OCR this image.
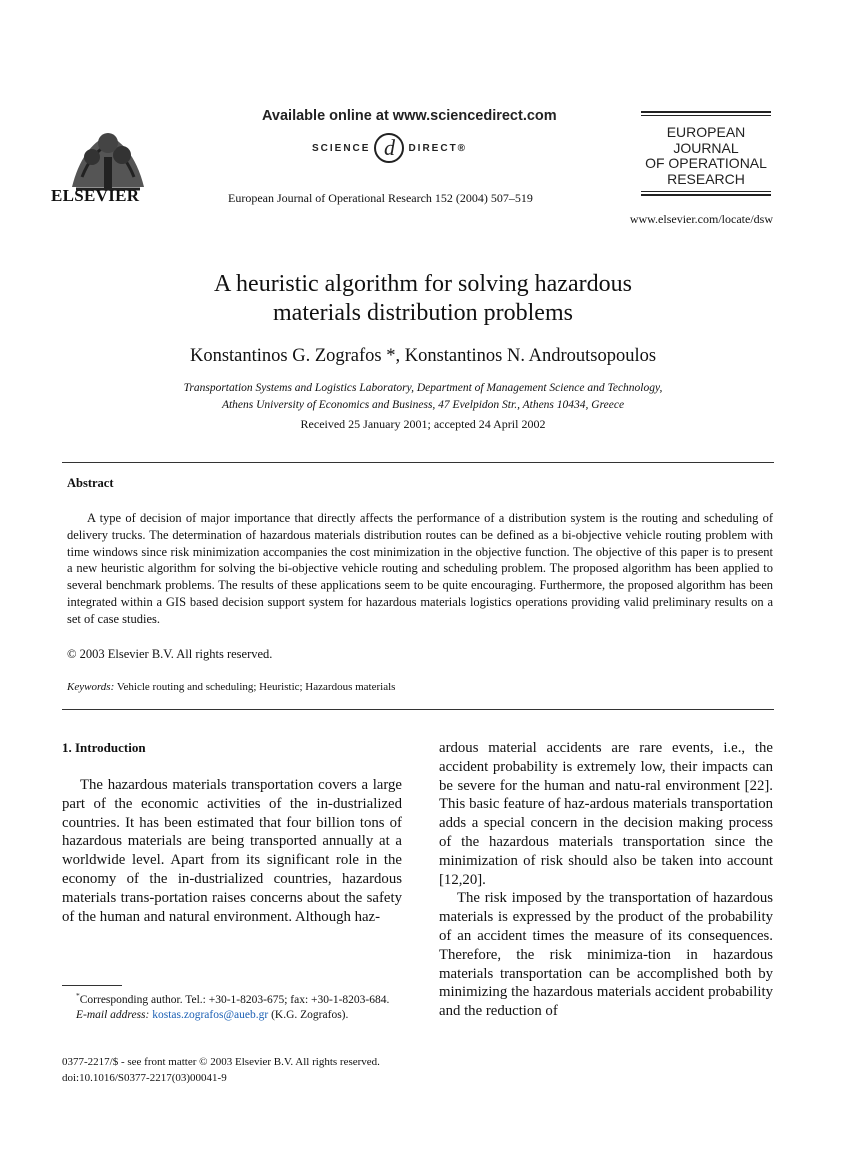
ELSEVIER
Available online at www.sciencedirect.com
SCIENCE d	DIRECT®
European Journal of Operational Research 152 (2004) 507–519
EUROPEAN
JOURNAL
OF OPERATIONAL
RESEARCH
www.elsevier.com/locate/dsw
A heuristic algorithm for solving hazardous
materials distribution problems
Konstantinos G. Zografos *, Konstantinos N. Androutsopoulos
Transportation Systems and Logistics Laboratory, Department of Management Science and Technology,
Athens University of Economics and Business, 47 Evelpidon Str., Athens 10434, Greece
Received 25 January 2001; accepted 24 April 2002
Abstract
A type of decision of major importance that directly affects the performance of a distribution system is the routing and scheduling of delivery trucks. The determination of hazardous materials distribution routes can be defined as a bi-objective vehicle routing problem with time windows since risk minimization accompanies the cost minimization in the objective function. The objective of this paper is to present a new heuristic algorithm for solving the bi-objective vehicle routing and scheduling problem. The proposed algorithm has been applied to several benchmark problems. The results of these applications seem to be quite encouraging. Furthermore, the proposed algorithm has been integrated within a GIS based decision support system for hazardous materials logistics operations providing valid preliminary results on a set of case studies.
© 2003 Elsevier B.V. All rights reserved.
Keywords: Vehicle routing and scheduling; Heuristic; Hazardous materials
1. Introduction

The hazardous materials transportation covers a large part of the economic activities of the in-dustrialized countries. It has been estimated that four billion tons of hazardous materials are being transported annually at a worldwide level. Apart from its significant role in the economy of the in-dustrialized countries, hazardous materials trans-portation raises concerns about the safety of the human and natural environment. Although haz-

ardous material accidents are rare events, i.e., the accident probability is extremely low, their impacts can be severe for the human and natu-ral environment [22]. This basic feature of haz-ardous materials transportation adds a special concern in the decision making process of the hazardous materials transportation since the minimization of risk should also be taken into account [12,20].

The risk imposed by the transportation of hazardous materials is expressed by the product of the probability of an accident times the measure of its consequences. Therefore, the risk minimiza-tion in hazardous materials transportation can be accomplished both by minimizing the hazardous materials accident probability and the reduction of

*Corresponding author. Tel.: +30-1-8203-675; fax: +30-1-8203-684.
E-mail address: kostas.zografos@aueb.gr (K.G. Zografos).
0377-2217/$ - see front matter © 2003 Elsevier B.V. All rights reserved.
doi:10.1016/S0377-2217(03)00041-9
